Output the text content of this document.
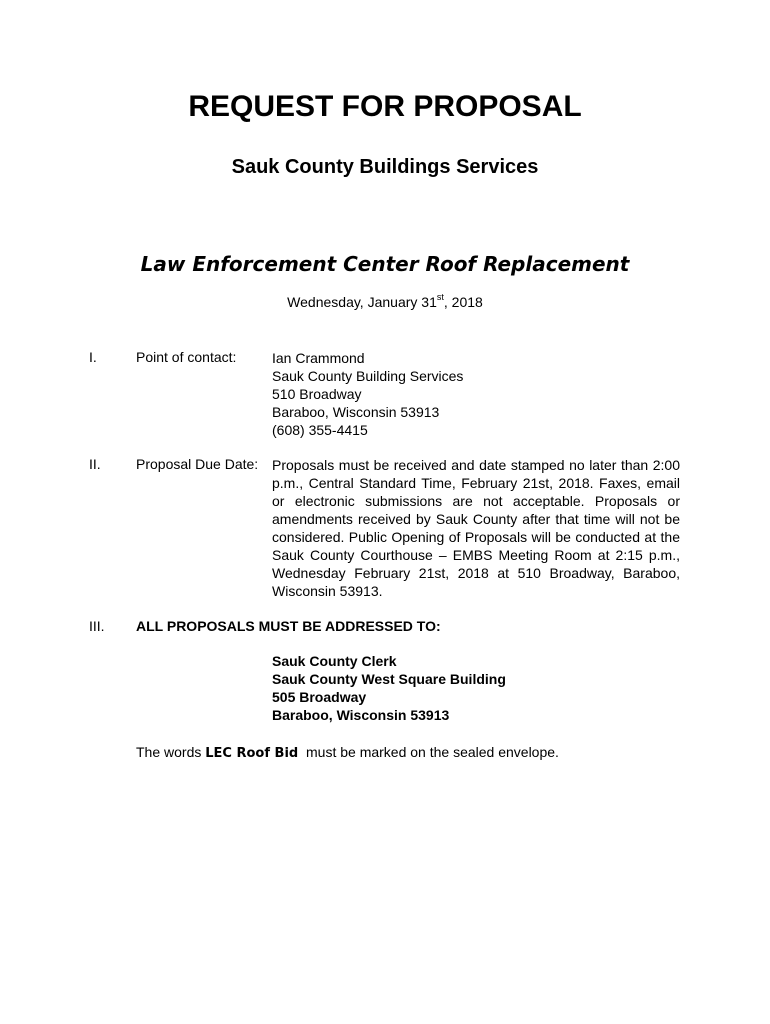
REQUEST FOR PROPOSAL
Sauk County Buildings Services
Law Enforcement Center Roof Replacement
Wednesday, January 31st, 2018
I.	Point of contact:	Ian Crammond
Sauk County Building Services
510 Broadway
Baraboo, Wisconsin 53913
(608) 355-4415
II.	Proposal Due Date: Proposals must be received and date stamped no later than 2:00 p.m., Central Standard Time, February 21st, 2018. Faxes, email or electronic submissions are not acceptable. Proposals or amendments received by Sauk County after that time will not be considered. Public Opening of Proposals will be conducted at the Sauk County Courthouse – EMBS Meeting Room at 2:15 p.m., Wednesday February 21st, 2018 at 510 Broadway, Baraboo, Wisconsin 53913.
III. ALL PROPOSALS MUST BE ADDRESSED TO:
Sauk County Clerk
Sauk County West Square Building
505 Broadway
Baraboo, Wisconsin 53913
The words LEC Roof Bid  must be marked on the sealed envelope.
